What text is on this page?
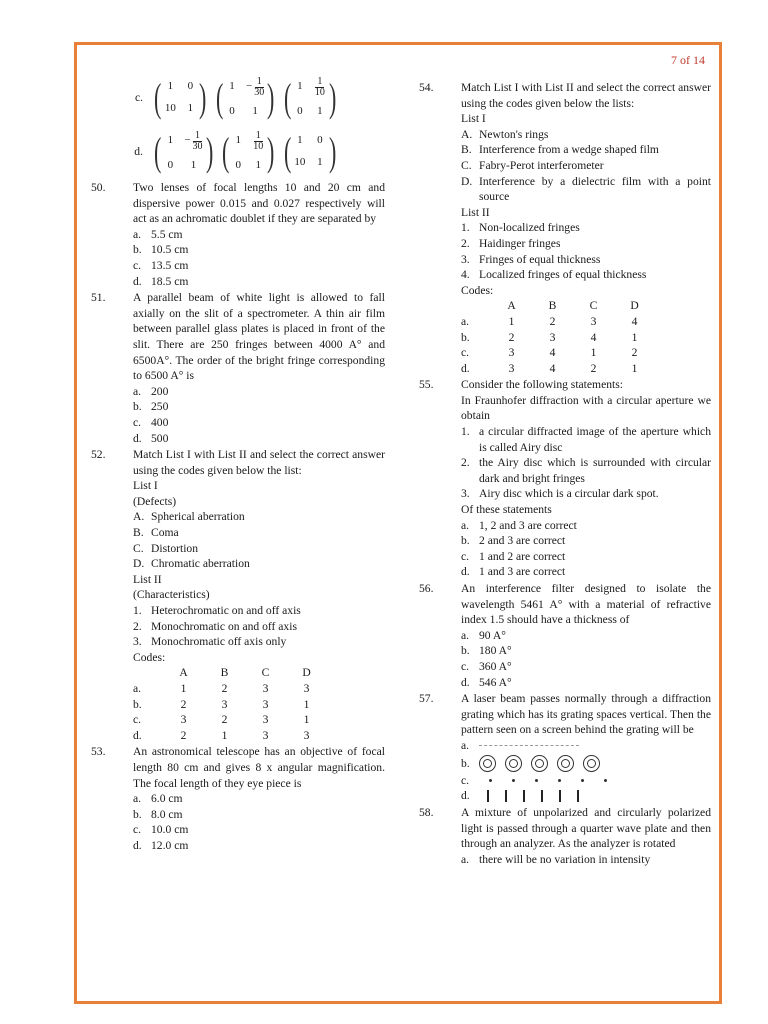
7 of 14
c. ( 1 0
10 1 ) ( $1 - \frac{1}{30}$
0	1 ) ( 1	$\frac{1}{10}$
0 1 )
d. ( $1 - \frac{1}{30}$
0	1 ) ( 1	$\frac{1}{10}$
0 1 ) ( 1 0
10 1 )
50.	Two lenses of focal lengths 10 and 20 cm and dispersive power 0.015 and 0.027 respectively will act as an achromatic doublet if they are separated by
a. 5.5 cm
b. 10.5 cm
c. 13.5 cm
d. 18.5 cm
51.	A parallel beam of white light is allowed to fall axially on the slit of a spectrometer. A thin air film between parallel glass plates is placed in front of the slit. There are 250 fringes between 4000 A° and 6500A°. The order of the bright fringe corresponding to 6500 A° is
a. 200
b. 250
c. 400
d. 500
52.	Match List I with List II and select the correct answer using the codes given below the list:
List I
(Defects)
A. Spherical aberration
B. Coma
C. Distortion
D. Chromatic aberration
List II
(Characteristics)
1. Heterochromatic on and off axis
2. Monochromatic on and off axis
3. Monochromatic off axis only
Codes:
	A	B	C	D
a.	1	2	3	3
b.	2	3	3	1
c.	3	2	3	1
d.	2	1	3	3
53.	An astronomical telescope has an objective of focal length 80 cm and gives 8 x angular magnification. The focal length of they eye piece is
a. 6.0 cm
b. 8.0 cm
c. 10.0 cm
d. 12.0 cm
54.	Match List I with List II and select the correct answer using the codes given below the lists:
List I
A. Newton's rings
B. Interference from a wedge shaped film
C. Fabry-Perot interferometer
D. Interference by a dielectric film with a point source
List II
1. Non-localized fringes
2. Haidinger fringes
3. Fringes of equal thickness
4. Localized fringes of equal thickness
Codes:
	A	B	C	D
a.	1	2	3	4
b.	2	3	4	1
c.	3	4	1	2
d.	3	4	2	1
55.	Consider the following statements:
In Fraunhofer diffraction with a circular aperture we obtain
1. a circular diffracted image of the aperture which is called Airy disc
2. the Airy disc which is surrounded with circular dark and bright fringes
3. Airy disc which is a circular dark spot.
Of these statements
a. 1, 2 and 3 are correct
b. 2 and 3 are correct
c. 1 and 2 are correct
d. 1 and 3 are correct
56.	An interference filter designed to isolate the wavelength 5461 A° with a material of refractive index 1.5 should have a thickness of
a. 90 A°
b. 180 A°
c. 360 A°
d. 546 A°
57.	A laser beam passes normally through a diffraction grating which has its grating spaces vertical. Then the pattern seen on a screen behind the grating will be
a.
b.
c.
d.
58.	A mixture of unpolarized and circularly polarized light is passed through a quarter wave plate and then through an analyzer. As the analyzer is rotated
a. there will be no variation in intensity
